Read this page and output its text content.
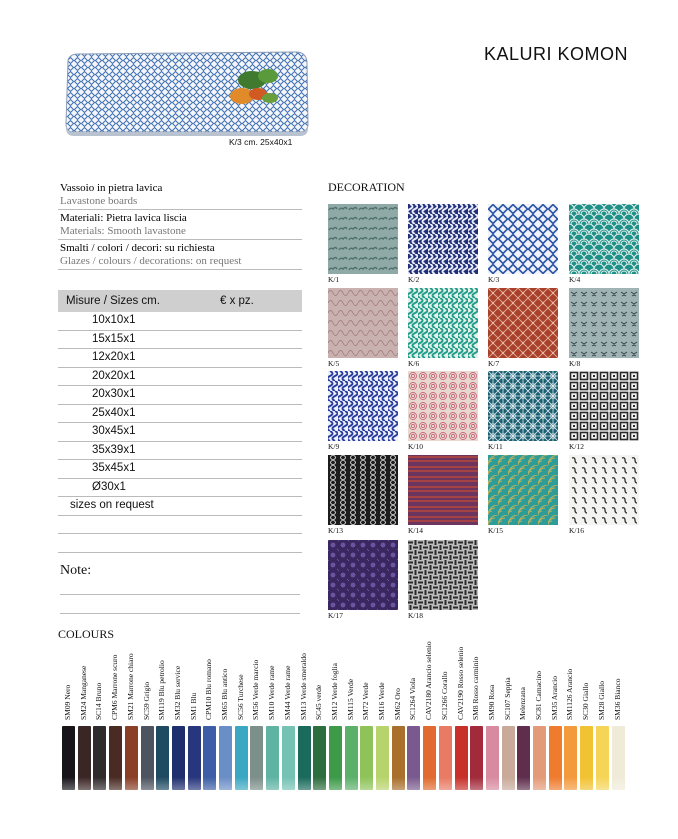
KALURI KOMON
K/3 cm. 25x40x1
Vassoio in pietra lavica
Lavastone boards
Materiali: Pietra lavica liscia
Materials: Smooth lavastone
Smalti / colori / decori: su richiesta
Glazes / colours / decorations: on request
Misure / Sizes cm.	€ x pz.
10x10x1
15x15x1
12x20x1
20x20x1
20x30x1
25x40x1
30x45x1
35x39x1
35x45x1
Ø30x1
sizes on request
Note:
DECORATION
K/1	K/2	K/3	K/4
K/5	K/6	K/7	K/8
K/9	K/10	K/11	K/12
K/13	K/14	K/15	K/16
K/17	K/18
COLOURS
SM09 Nero SM24 Manganese SC14 Bruno CPM6 Marrone scuro SM21 Marrone chiaro SC59 Grigio SM119 Blu petrolio SM32 Blu service SM1 Blu CPM10 Blu romano SM65 Blu antico SC56 Turchese SM56 Verde marcio SM10 Verde rame SM44 Verde rame SM13 Verde smeraldo SC45 verde SM12 Verde foglia SM115 Verde SM72 Verde SM16 Verde SM62 Oro SC1264 Viola CAV2180 Arancio selenio SC1266 Corallo CAV2190 Rosso selenio SM8 Rosso carminio SM90 Rosa SC107 Seppia Melenzana SC81 Camacino SM35 Arancio SM1126 Arancio SC30 Giallo SM28 Giallo SM36 Bianco
